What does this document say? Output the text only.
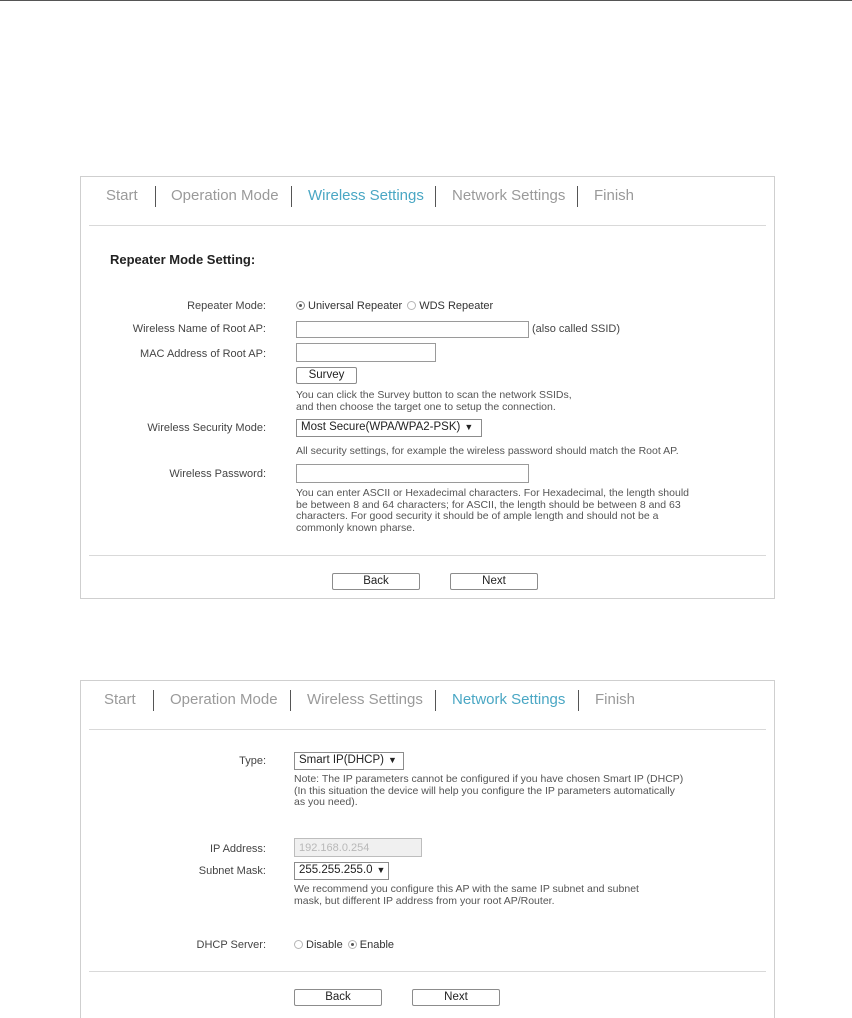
Start Operation Mode Wireless Settings Network Settings Finish
Repeater Mode Setting:
Repeater Mode:	Universal Repeater WDS Repeater
Wireless Name of Root AP:	(also called SSID)
MAC Address of Root AP:
Survey
You can click the Survey button to scan the network SSIDs,
and then choose the target one to setup the connection.
Wireless Security Mode:	Most Secure(WPA/WPA2-PSK) ▼
All security settings, for example the wireless password should match the Root AP.
Wireless Password:
You can enter ASCII or Hexadecimal characters. For Hexadecimal, the length should
be between 8 and 64 characters; for ASCII, the length should be between 8 and 63
characters. For good security it should be of ample length and should not be a
commonly known pharse.
Back	Next
Start Operation Mode Wireless Settings Network Settings Finish
Type:	Smart IP(DHCP) ▼
Note: The IP parameters cannot be configured if you have chosen Smart IP (DHCP)
(In this situation the device will help you configure the IP parameters automatically
as you need).
IP Address:
192.168.0.254
Subnet Mask:	255.255.255.0 ▼
We recommend you configure this AP with the same IP subnet and subnet
mask, but different IP address from your root AP/Router.
DHCP Server:	Disable Enable
Back	Next
